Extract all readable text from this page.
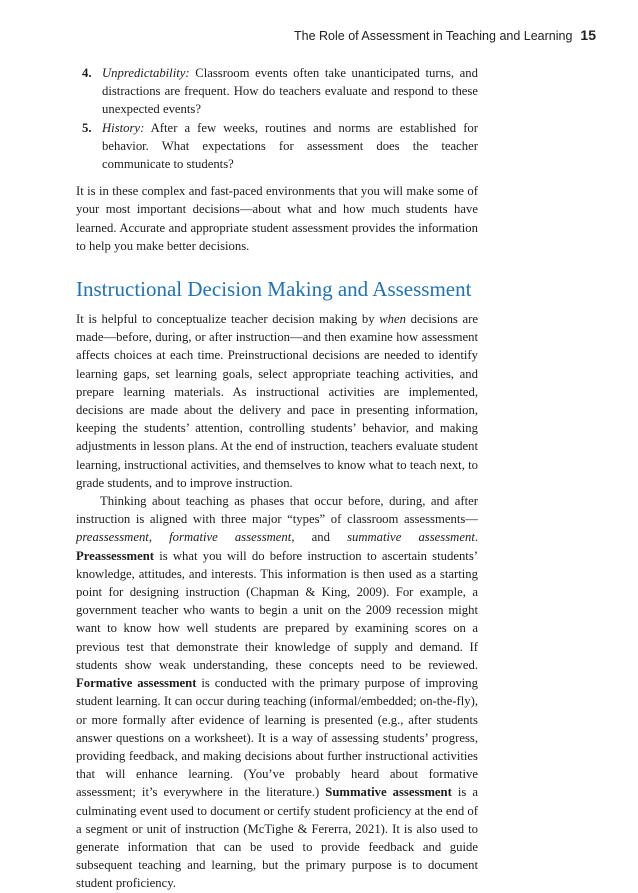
The Role of Assessment in Teaching and Learning 15
4. Unpredictability: Classroom events often take unanticipated turns, and distractions are frequent. How do teachers evaluate and respond to these unexpected events?
5. History: After a few weeks, routines and norms are established for behavior. What expectations for assessment does the teacher communicate to students?

It is in these complex and fast-paced environments that you will make some of your most important decisions—about what and how much students have learned. Accurate and appropriate student assessment provides the information to help you make better decisions.

Instructional Decision Making and Assessment

It is helpful to conceptualize teacher decision making by when decisions are made—before, during, or after instruction—and then examine how assessment affects choices at each time. Preinstructional decisions are needed to identify learning gaps, set learning goals, select appropriate teaching activities, and prepare learning materials. As instructional activities are implemented, decisions are made about the delivery and pace in presenting information, keeping the students’ attention, controlling students’ behavior, and making adjustments in lesson plans. At the end of instruction, teachers evaluate student learning, instructional activities, and themselves to know what to teach next, to grade students, and to improve instruction.

Thinking about teaching as phases that occur before, during, and after instruction is aligned with three major “types” of classroom assessments—preassessment, formative assessment, and summative assessment. Preassessment is what you will do before instruction to ascertain students’ knowledge, attitudes, and interests. This information is then used as a starting point for designing instruction (Chapman & King, 2009). For example, a government teacher who wants to begin a unit on the 2009 recession might want to know how well students are prepared by examining scores on a previous test that demonstrate their knowledge of supply and demand. If students show weak understanding, these concepts need to be reviewed. Formative assessment is conducted with the primary purpose of improving student learning. It can occur during teaching (informal/embedded; on-the-fly), or more formally after evidence of learning is presented (e.g., after students answer questions on a worksheet). It is a way of assessing students’ progress, providing feedback, and making decisions about further instructional activities that will enhance learning. (You’ve probably heard about formative assessment; it’s everywhere in the literature.) Summative assessment is a culminating event used to document or certify student proficiency at the end of a segment or unit of instruction (McTighe & Fererra, 2021). It is also used to generate information that can be used to provide feedback and guide subsequent teaching and learning, but the primary purpose is to document student proficiency.
